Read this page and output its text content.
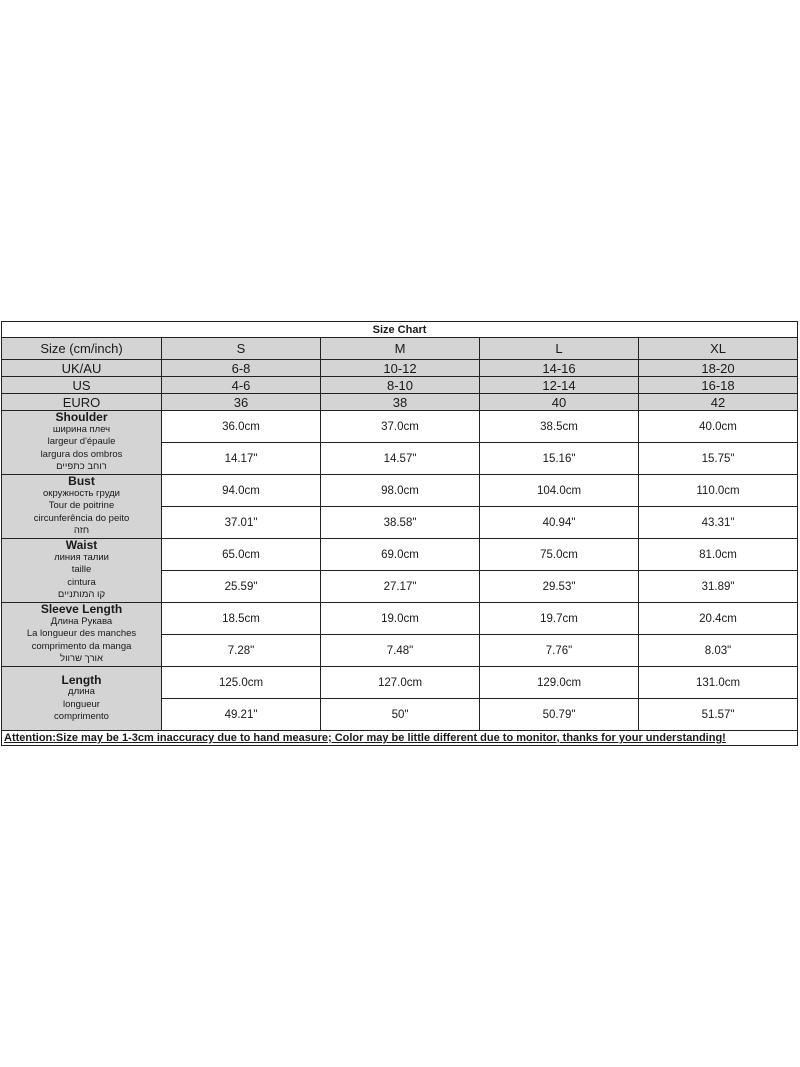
Size Chart				
Size (cm/inch)	S	M	L	XL
UK/AU	6-8	10-12	14-16	18-20
US	4-6	8-10	12-14	16-18
EURO	36	38	40	42

Shoulder
ширина плеч
largeur d'épaule
largura dos ombros
רוחב כתפיים	36.0cm	37.0cm	38.5cm	40.0cm
	14.17"	14.57"	15.16"	15.75"

Bust
окружность груди
Tour de poitrine
circunferência do peito
חזה	94.0cm	98.0cm	104.0cm	110.0cm
	37.01"	38.58"	40.94"	43.31"

Waist
линия талии
taille
cintura
קו המותניים	65.0cm	69.0cm	75.0cm	81.0cm
	25.59"	27.17"	29.53"	31.89"

Sleeve Length
Длина Рукава
La longueur des manches
comprimento da manga
אורך שרוול	18.5cm	19.0cm	19.7cm	20.4cm
	7.28"	7.48"	7.76"	8.03"

Length
длина
longueur
comprimento	125.0cm	127.0cm	129.0cm	131.0cm
	49.21"	50"	50.79"	51.57"
Attention:Size may be 1-3cm inaccuracy due to hand measure; Color may be little different due to monitor, thanks for your understanding!				
